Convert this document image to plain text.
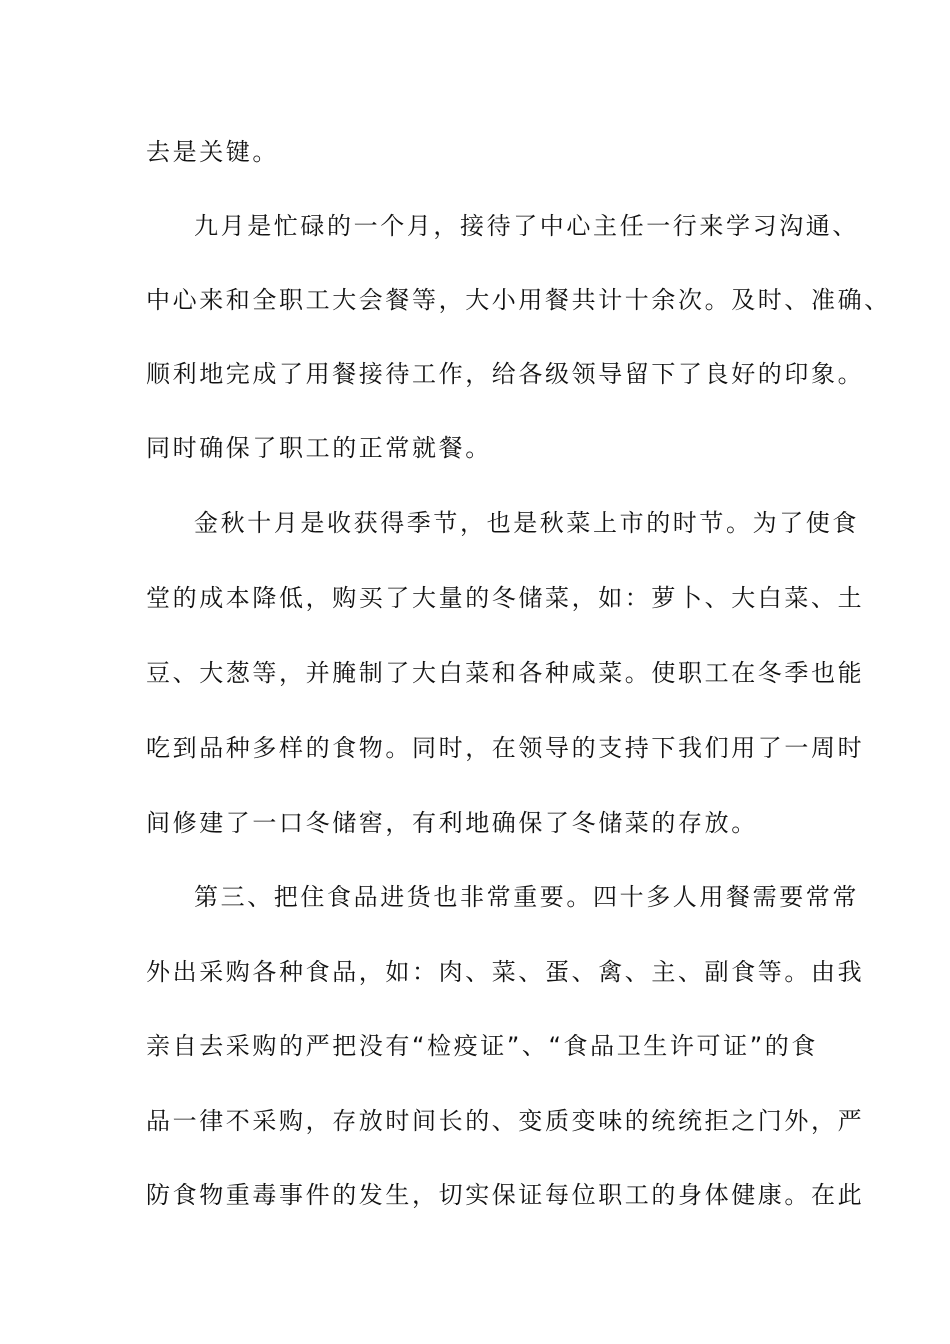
去是关键。
九月是忙碌的一个月，接待了中心主任一行来学习沟通、
中心来和全职工大会餐等，大小用餐共计十余次。及时、准确、
顺利地完成了用餐接待工作，给各级领导留下了良好的印象。
同时确保了职工的正常就餐。
金秋十月是收获得季节，也是秋菜上市的时节。为了使食
堂的成本降低，购买了大量的冬储菜，如：萝卜、大白菜、土
豆、大葱等，并腌制了大白菜和各种咸菜。使职工在冬季也能
吃到品种多样的食物。同时，在领导的支持下我们用了一周时
间修建了一口冬储窖，有利地确保了冬储菜的存放。
第三、把住食品进货也非常重要。四十多人用餐需要常常
外出采购各种食品，如：肉、菜、蛋、禽、主、副食等。由我
亲自去采购的严把没有“检疫证”、“食品卫生许可证”的食
品一律不采购，存放时间长的、变质变味的统统拒之门外，严
防食物重毒事件的发生，切实保证每位职工的身体健康。在此
